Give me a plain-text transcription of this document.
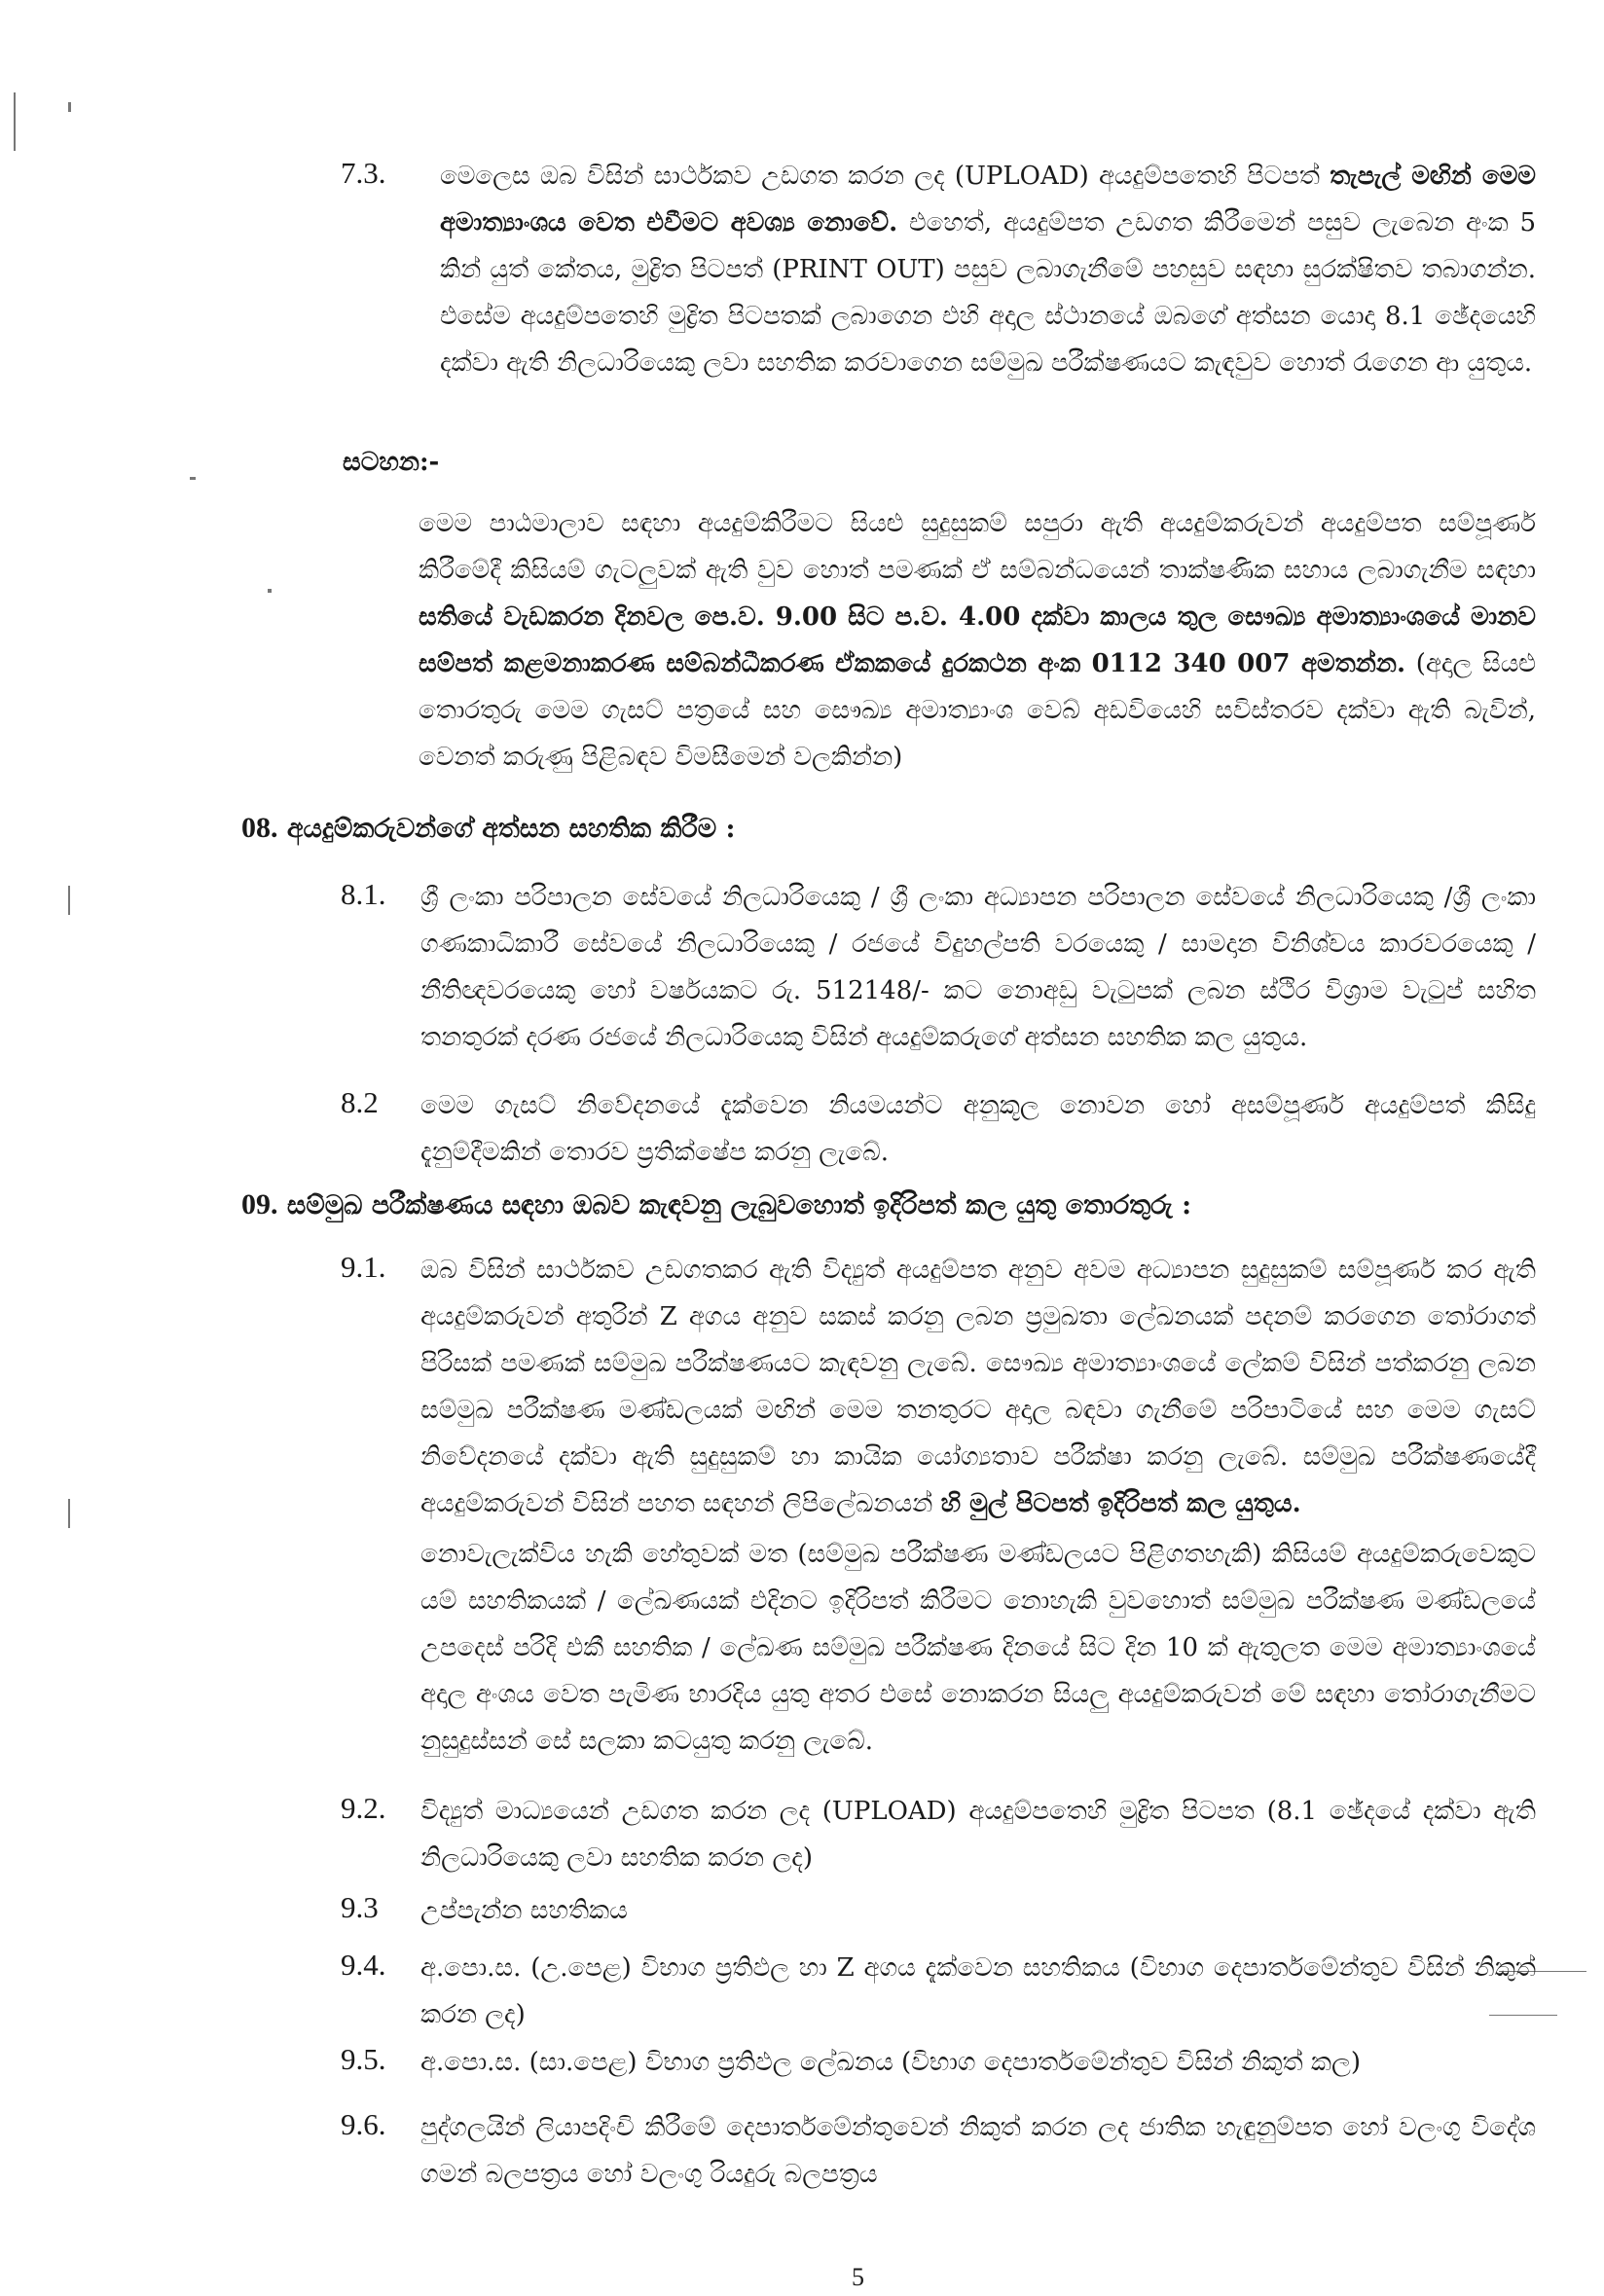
7.3. මෙලෙස ඔබ විසින් සාර්ථකව උඩගත කරන ලද (UPLOAD) අයදුම්පතෙහි පිටපත් තැපැල් මඟින් මෙම අමාත්‍යාංශය වෙත එවීමට අවශ්‍ය නොවේ. එහෙත්, අයදුම්පත උඩගත කිරීමෙන් පසුව ලැබෙන අංක 5 කින් යුත් කේතය, මුද්‍රිත පිටපත් (PRINT OUT) පසුව ලබාගැනීමේ පහසුව සඳහා සුරක්ෂිතව තබාගන්න. එසේම අයදුම්පතෙහි මුද්‍රිත පිටපතක් ලබාගෙන එහි අදාල ස්ථානයේ ඔබගේ අත්සන යොදා 8.1 ඡේදයෙහි දක්වා ඇති නිලධාරියෙකු ලවා සහතික කරවාගෙන සම්මුඛ පරීක්ෂණයට කැඳවුව හොත් රැගෙන ආ යුතුය.

සටහන:-

මෙම පාඨමාලාව සඳහා අයදුම්කිරීමට සියළු සුදුසුකම් සපුරා ඇති අයදුම්කරුවන් අයදුම්පත සම්පූර්ණ කිරීමේදී කිසියම් ගැටලුවක් ඇති වුව හොත් පමණක් ඒ සම්බන්ධයෙන් තාක්ෂණික සහාය ලබාගැනීම සඳහා සතියේ වැඩකරන දිනවල පෙ.ව. 9.00 සිට ප.ව. 4.00 දක්වා කාලය තුල සෞඛ්‍ය අමාත්‍යාංශයේ මානව සම්පත් කළමනාකරණ සම්බන්ධීකරණ ඒකකයේ දුරකථන අංක 0112 340 007 අමතන්න. (අදාල සියළු තොරතුරු මෙම ගැසට් පත්‍රයේ සහ සෞඛ්‍ය අමාත්‍යාංශ වෙබ් අඩවියෙහි සවිස්තරව දක්වා ඇති බැවින්, වෙනත් කරුණු පිළිබඳව විමසීමෙන් වලකින්න)

08. අයදුම්කරුවන්ගේ අත්සන සහතික කිරීම :
8.1. ශ්‍රී ලංකා පරිපාලන සේවයේ නිලධාරියෙකු / ශ්‍රී ලංකා අධ්‍යාපන පරිපාලන සේවයේ නිලධාරියෙකු /ශ්‍රී ලංකා ගණකාධිකාරී සේවයේ නිලධාරියෙකු / රජයේ විදුහල්පති වරයෙකු / සාමදාන විනිශ්චය කාරවරයෙකු / නීතිඥවරයෙකු හෝ වර්ෂයකට රු. 512148/- කට නොඅඩු වැටුපක් ලබන ස්ථිර විශ්‍රාම වැටුප් සහිත තනතුරක් දරණ රජයේ නිලධාරියෙකු විසින් අයදුම්කරුගේ අත්සන සහතික කල යුතුය.

8.2 මෙම ගැසට් නිවේදනයේ දැක්වෙන නියමයන්ට අනුකූල නොවන හෝ අසම්පූර්ණ අයදුම්පත් කිසිදු දැනුම්දීමකින් තොරව ප්‍රතික්ෂේප කරනු ලැබේ.

09. සම්මුඛ පරීක්ෂණය සඳහා ඔබව කැඳවනු ලැබුවහොත් ඉදිරිපත් කල යුතු තොරතුරු :
9.1. ඔබ විසින් සාර්ථකව උඩගතකර ඇති විද්‍යුත් අයදුම්පත අනුව අවම අධ්‍යාපන සුදුසුකම් සම්පූර්ණ කර ඇති අයදුම්කරුවන් අතුරින් Z අගය අනුව සකස් කරනු ලබන ප්‍රමුඛතා ලේඛනයක් පදනම් කරගෙන තෝරාගත් පිරිසක් පමණක් සම්මුඛ පරීක්ෂණයට කැඳවනු ලැබේ. සෞඛ්‍ය අමාත්‍යාංශයේ ලේකම් විසින් පත්කරනු ලබන සම්මුඛ පරීක්ෂණ මණ්ඩලයක් මඟින් මෙම තනතුරට අදාල බඳවා ගැනීමේ පරිපාටියේ සහ මෙම ගැසට් නිවේදනයේ දක්වා ඇති සුදුසුකම් හා කායික යෝග්‍යතාව පරීක්ෂා කරනු ලැබේ. සම්මුඛ පරීක්ෂණයේදී අයදුම්කරුවන් විසින් පහත සඳහන් ලිපිලේඛනයන් හි මුල් පිටපත් ඉදිරිපත් කල යුතුය.

නොවැලැක්විය හැකි හේතුවක් මත (සම්මුඛ පරීක්ෂණ මණ්ඩලයට පිළිගතහැකි) කිසියම් අයදුම්කරුවෙකුට යම් සහතිකයක් / ලේඛණයක් එදිනට ඉදිරිපත් කිරීමට නොහැකි වුවහොත් සම්මුඛ පරීක්ෂණ මණ්ඩලයේ උපදෙස් පරිදි එකී සහතික / ලේඛණ සම්මුඛ පරීක්ෂණ දිනයේ සිට දින 10 ක් ඇතුලත මෙම අමාත්‍යාංශයේ අදාල අංශය වෙත පැමිණ භාරදිය යුතු අතර එසේ නොකරන සියලු අයදුම්කරුවන් මේ සඳහා තෝරාගැනීමට නුසුදුස්සන් සේ සලකා කටයුතු කරනු ලැබේ.

9.2. විද්‍යුත් මාධ්‍යයෙන් උඩගත කරන ලද (UPLOAD) අයදුම්පතෙහි මුද්‍රිත පිටපත (8.1 ඡේදයේ දක්වා ඇති නිලධාරියෙකු ලවා සහතික කරන ලද)

9.3 උප්පැන්න සහතිකය

9.4. අ.පො.ස. (උ.පෙළ) විභාග ප්‍රතිඵල හා Z අගය දැක්වෙන සහතිකය (විභාග දෙපාර්තමේන්තුව විසින් නිකුත් කරන ලද)

9.5. අ.පො.ස. (සා.පෙළ) විභාග ප්‍රතිඵල ලේඛනය (විභාග දෙපාර්තමේන්තුව විසින් නිකුත් කල)

9.6. පුද්ගලයින් ලියාපදිංචි කිරීමේ දෙපාර්තමේන්තුවෙන් නිකුත් කරන ලද ජාතික හැඳුනුම්පත හෝ වලංගු විදේශ ගමන් බලපත්‍රය හෝ වලංගු රියදුරු බලපත්‍රය

5
